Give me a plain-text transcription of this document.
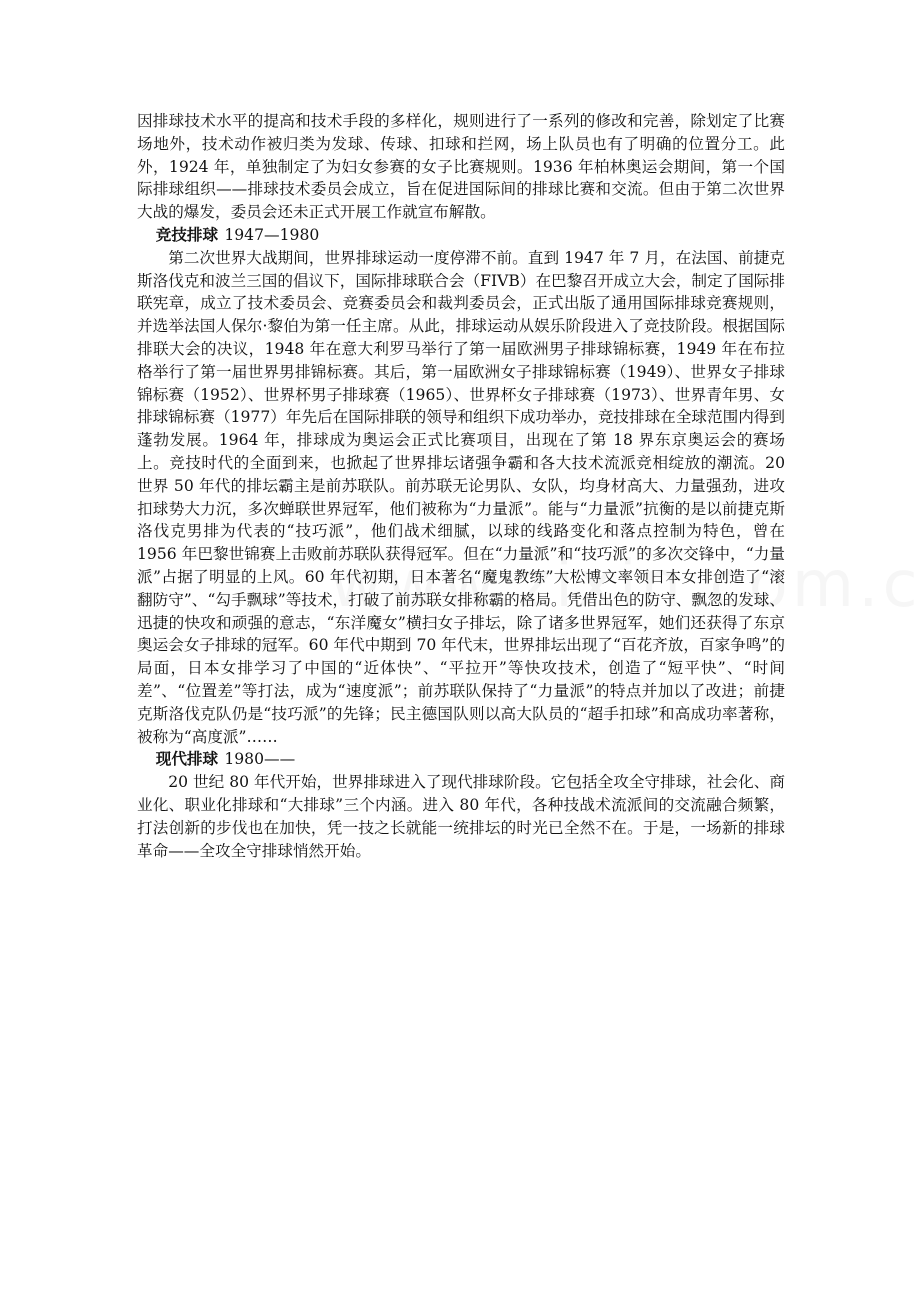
因排球技术水平的提高和技术手段的多样化，规则进行了一系列的修改和完善，除划定了比赛场地外，技术动作被归类为发球、传球、扣球和拦网，场上队员也有了明确的位置分工。此外，1924 年，单独制定了为妇女参赛的女子比赛规则。1936 年柏林奥运会期间，第一个国际排球组织——排球技术委员会成立，旨在促进国际间的排球比赛和交流。但由于第二次世界大战的爆发，委员会还未正式开展工作就宣布解散。

竞技排球 1947—1980

第二次世界大战期间，世界排球运动一度停滞不前。直到 1947 年 7 月，在法国、前捷克斯洛伐克和波兰三国的倡议下，国际排球联合会（FIVB）在巴黎召开成立大会，制定了国际排联宪章，成立了技术委员会、竞赛委员会和裁判委员会，正式出版了通用国际排球竞赛规则，并选举法国人保尔·黎伯为第一任主席。从此，排球运动从娱乐阶段进入了竞技阶段。根据国际排联大会的决议，1948 年在意大利罗马举行了第一届欧洲男子排球锦标赛，1949 年在布拉格举行了第一届世界男排锦标赛。其后，第一届欧洲女子排球锦标赛（1949）、世界女子排球锦标赛（1952）、世界杯男子排球赛（1965）、世界杯女子排球赛（1973）、世界青年男、女排球锦标赛（1977）年先后在国际排联的领导和组织下成功举办，竞技排球在全球范围内得到蓬勃发展。1964 年，排球成为奥运会正式比赛项目，出现在了第 18 界东京奥运会的赛场上。竞技时代的全面到来，也掀起了世界排坛诸强争霸和各大技术流派竞相绽放的潮流。20 世界 50 年代的排坛霸主是前苏联队。前苏联无论男队、女队，均身材高大、力量强劲，进攻扣球势大力沉，多次蝉联世界冠军，他们被称为“力量派”。能与“力量派”抗衡的是以前捷克斯洛伐克男排为代表的“技巧派”，他们战术细腻，以球的线路变化和落点控制为特色，曾在 1956 年巴黎世锦赛上击败前苏联队获得冠军。但在“力量派”和“技巧派”的多次交锋中，“力量派”占据了明显的上风。60 年代初期，日本著名“魔鬼教练”大松博文率领日本女排创造了“滚翻防守”、“勾手飘球”等技术，打破了前苏联女排称霸的格局。凭借出色的防守、飘忽的发球、迅捷的快攻和顽强的意志，“东洋魔女”横扫女子排坛，除了诸多世界冠军，她们还获得了东京奥运会女子排球的冠军。60 年代中期到 70 年代末，世界排坛出现了“百花齐放，百家争鸣”的局面，日本女排学习了中国的“近体快”、“平拉开”等快攻技术，创造了“短平快”、“时间差”、“位置差”等打法，成为“速度派”；前苏联队保持了“力量派”的特点并加以了改进；前捷克斯洛伐克队仍是“技巧派”的先锋；民主德国队则以高大队员的“超手扣球”和高成功率著称，被称为“高度派”……

现代排球 1980——

20 世纪 80 年代开始，世界排球进入了现代排球阶段。它包括全攻全守排球，社会化、商业化、职业化排球和“大排球”三个内涵。进入 80 年代，各种技战术流派间的交流融合频繁，打法创新的步伐也在加快，凭一技之长就能一统排坛的时光已全然不在。于是，一场新的排球革命——全攻全守排球悄然开始。
